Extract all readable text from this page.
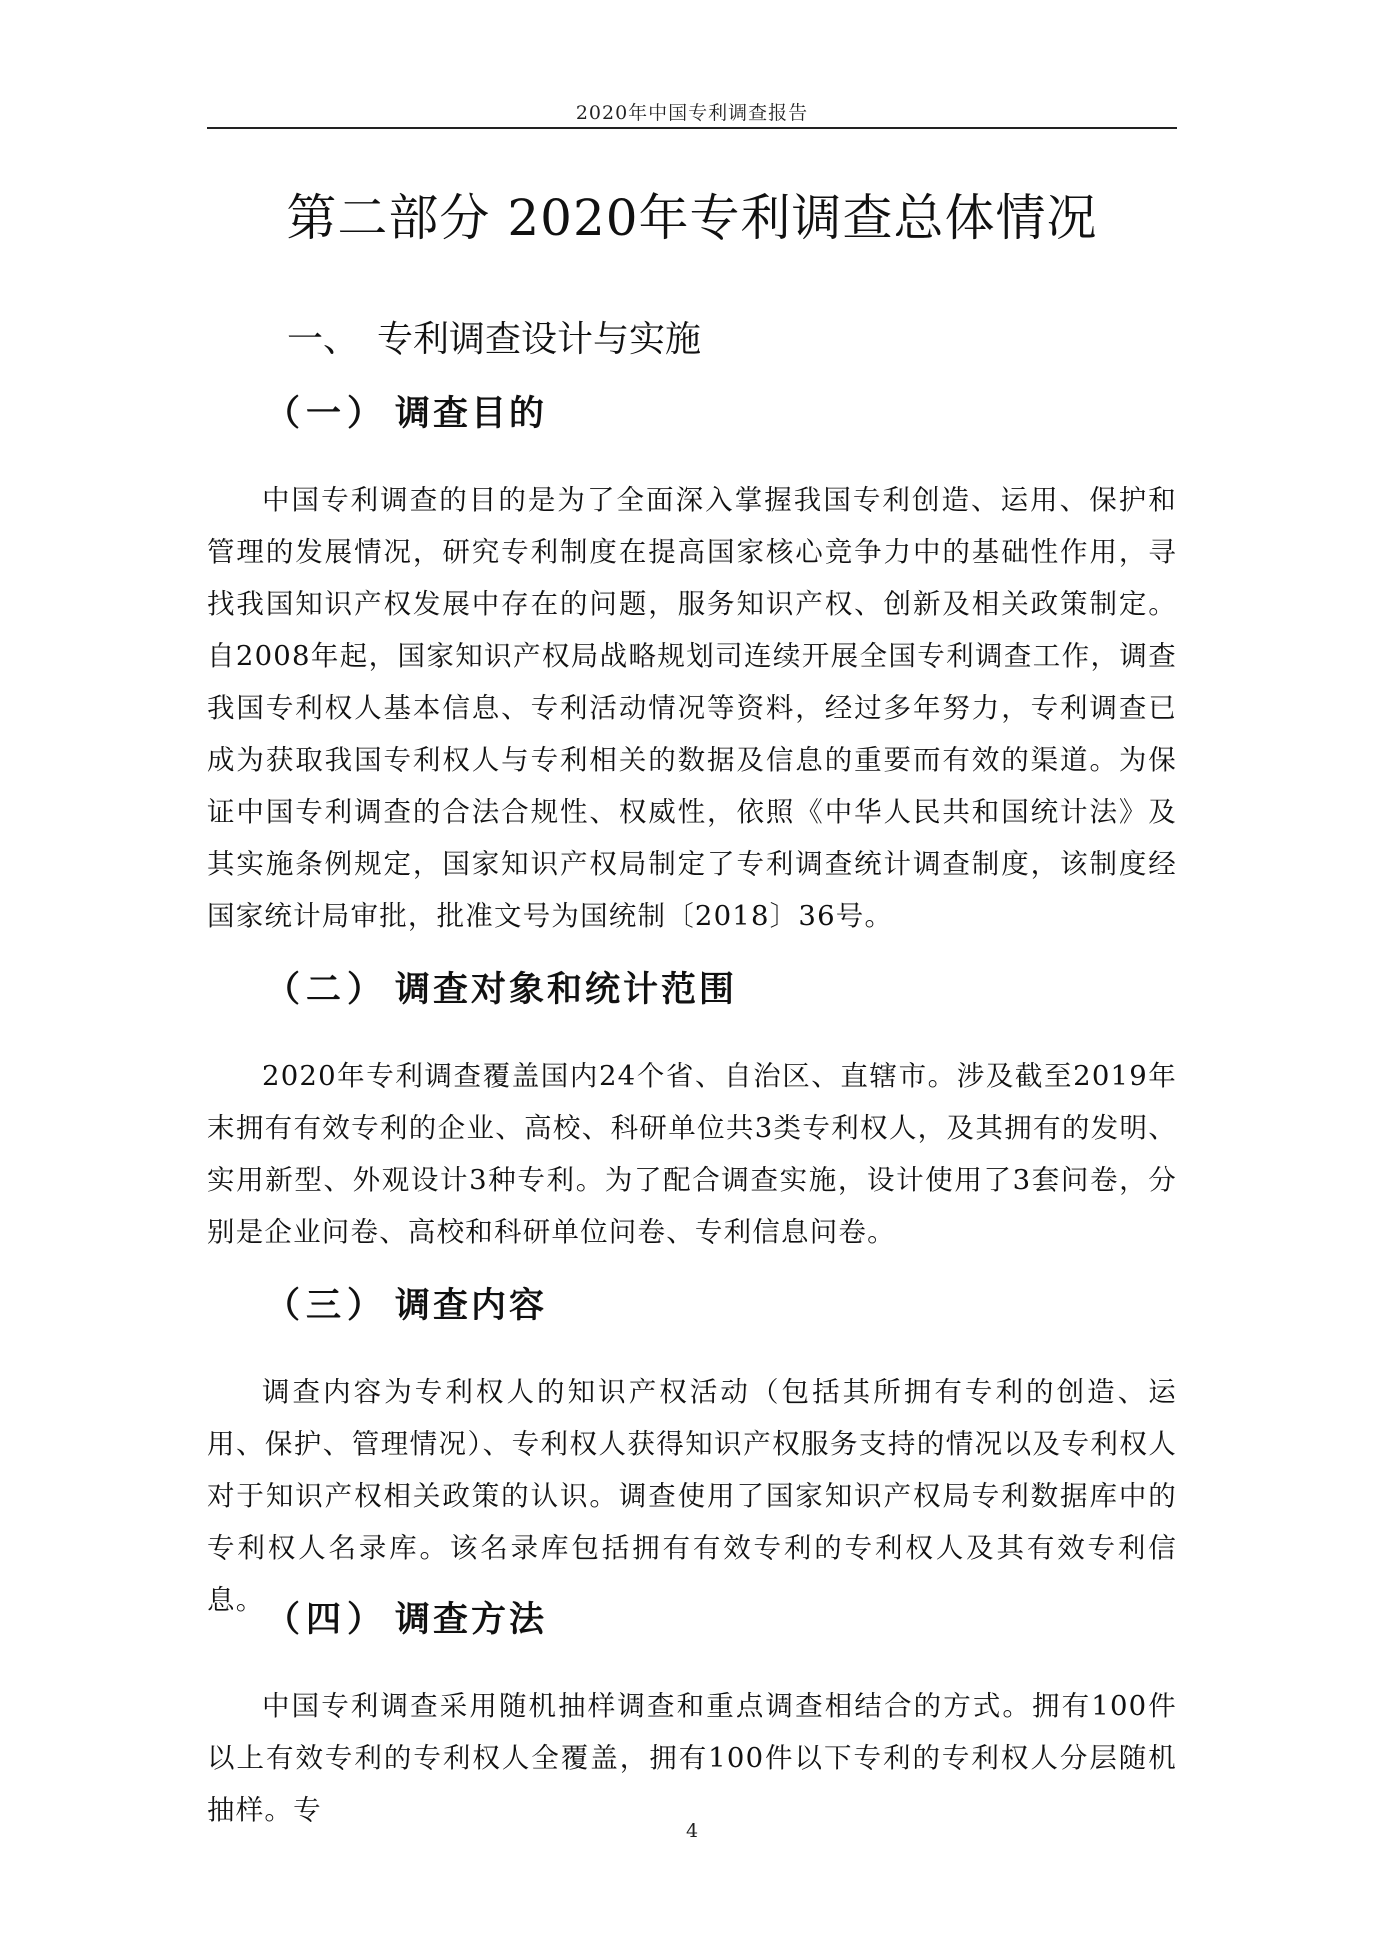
2020年中国专利调查报告
第二部分 2020年专利调查总体情况
一、 专利调查设计与实施
（一） 调查目的

中国专利调查的目的是为了全面深入掌握我国专利创造、运用、保护和管理的发展情况，研究专利制度在提高国家核心竞争力中的基础性作用，寻找我国知识产权发展中存在的问题，服务知识产权、创新及相关政策制定。自2008年起，国家知识产权局战略规划司连续开展全国专利调查工作，调查我国专利权人基本信息、专利活动情况等资料，经过多年努力，专利调查已成为获取我国专利权人与专利相关的数据及信息的重要而有效的渠道。为保证中国专利调查的合法合规性、权威性，依照《中华人民共和国统计法》及其实施条例规定，国家知识产权局制定了专利调查统计调查制度，该制度经国家统计局审批，批准文号为国统制〔2018〕36号。

（二） 调查对象和统计范围

2020年专利调查覆盖国内24个省、自治区、直辖市。涉及截至2019年末拥有有效专利的企业、高校、科研单位共3类专利权人，及其拥有的发明、实用新型、外观设计3种专利。为了配合调查实施，设计使用了3套问卷，分别是企业问卷、高校和科研单位问卷、专利信息问卷。

（三） 调查内容

调查内容为专利权人的知识产权活动（包括其所拥有专利的创造、运用、保护、管理情况）、专利权人获得知识产权服务支持的情况以及专利权人对于知识产权相关政策的认识。调查使用了国家知识产权局专利数据库中的专利权人名录库。该名录库包括拥有有效专利的专利权人及其有效专利信息。 （四） 调查方法

中国专利调查采用随机抽样调查和重点调查相结合的方式。拥有100件以上有效专利的专利权人全覆盖，拥有100件以下专利的专利权人分层随机抽样。专

4
